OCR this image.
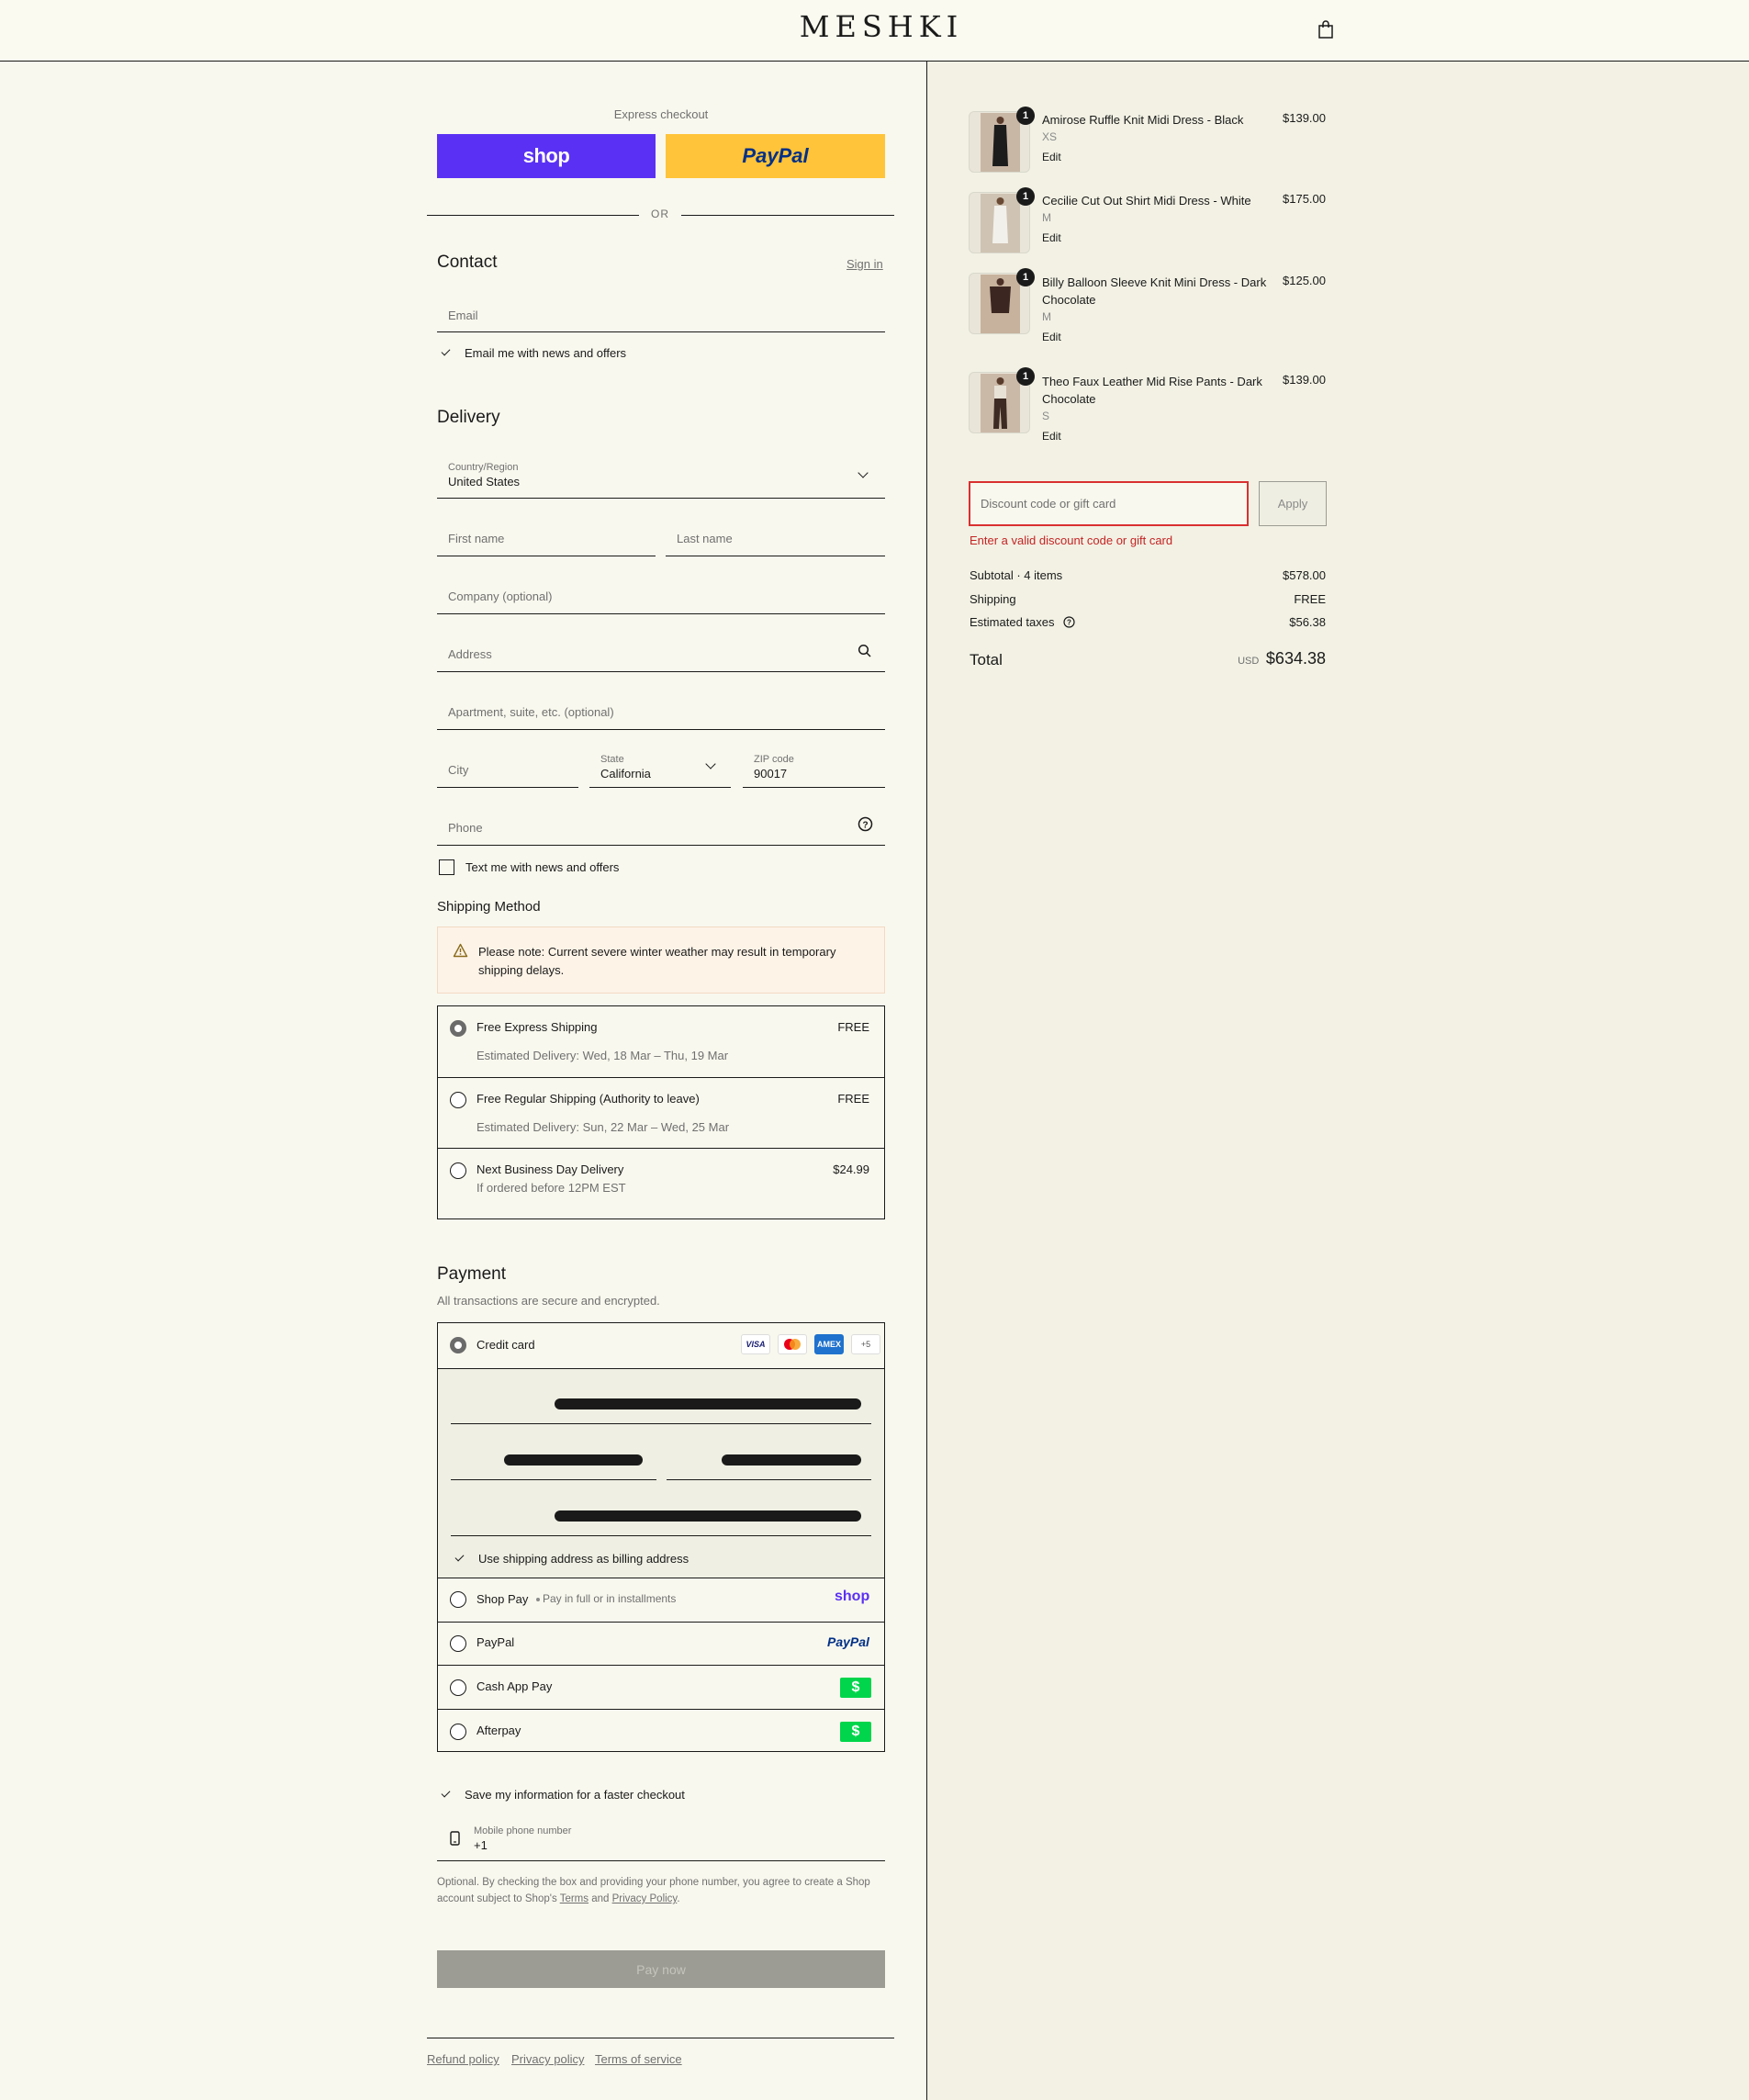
MESHKI
Express checkout
shop	PayPal
OR
Contact	Sign in
Email
Email me with news and offers
Delivery
Country/Region
United States
First name	Last name
Company (optional)
Address
Apartment, suite, etc. (optional)
City
State
California
ZIP code
90017
Phone	?
Text me with news and offers
Shipping Method
Please note: Current severe winter weather may result in temporary shipping delays.
Free Express Shipping
Estimated Delivery: Wed, 18 Mar – Thu, 19 Mar
FREE
Free Regular Shipping (Authority to leave)
Estimated Delivery: Sun, 22 Mar – Wed, 25 Mar
FREE
Next Business Day Delivery
If ordered before 12PM EST
$24.99
Payment
All transactions are secure and encrypted.
Credit card	VISA	AMEX	+5
Use shipping address as billing address
Shop Pay Pay in full or in installments	shop
PayPal	PayPal
Cash App Pay	$
Afterpay	$
Save my information for a faster checkout
Mobile phone number
+1
Optional. By checking the box and providing your phone number, you agree to create a Shop
account subject to Shop's Terms and Privacy Policy.
Pay now
Refund policy Privacy policy Terms of service
1	Amirose Ruffle Knit Midi Dress - Black
XS
Edit
$139.00
1	Cecilie Cut Out Shirt Midi Dress - White
M
Edit
$175.00
1	Billy Balloon Sleeve Knit Mini Dress - Dark Chocolate
M
Edit
$125.00
1	Theo Faux Leather Mid Rise Pants - Dark Chocolate
S
Edit
$139.00
Discount code or gift card	Apply
Enter a valid discount code or gift card
Subtotal · 4 items	$578.00
Shipping	FREE
Estimated taxes ?	$56.38
Total	USD $634.38
